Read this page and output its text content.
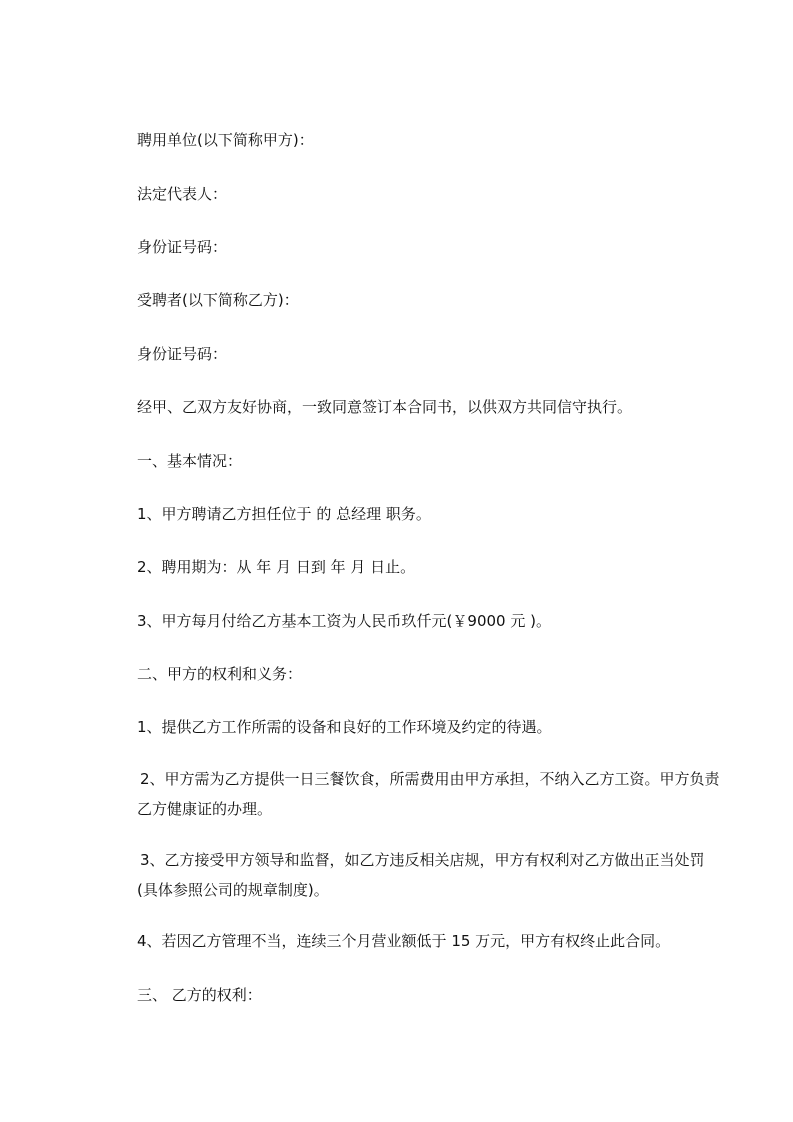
聘用单位(以下简称甲方)：
法定代表人：
身份证号码：
受聘者(以下简称乙方)：
身份证号码：
经甲、乙双方友好协商，一致同意签订本合同书，以供双方共同信守执行。
一、基本情况：
1、甲方聘请乙方担任位于 的 总经理 职务。
2、聘用期为：从 年 月 日到 年 月 日止。
3、甲方每月付给乙方基本工资为人民币玖仟元(￥9000 元 )。
二、甲方的权利和义务：
1、提供乙方工作所需的设备和良好的工作环境及约定的待遇。
2、甲方需为乙方提供一日三餐饮食，所需费用由甲方承担，不纳入乙方工资。甲方负责乙方健康证的办理。
3、乙方接受甲方领导和监督，如乙方违反相关店规，甲方有权利对乙方做出正当处罚(具体参照公司的规章制度)。
4、若因乙方管理不当，连续三个月营业额低于 15 万元，甲方有权终止此合同。
三、 乙方的权利：
